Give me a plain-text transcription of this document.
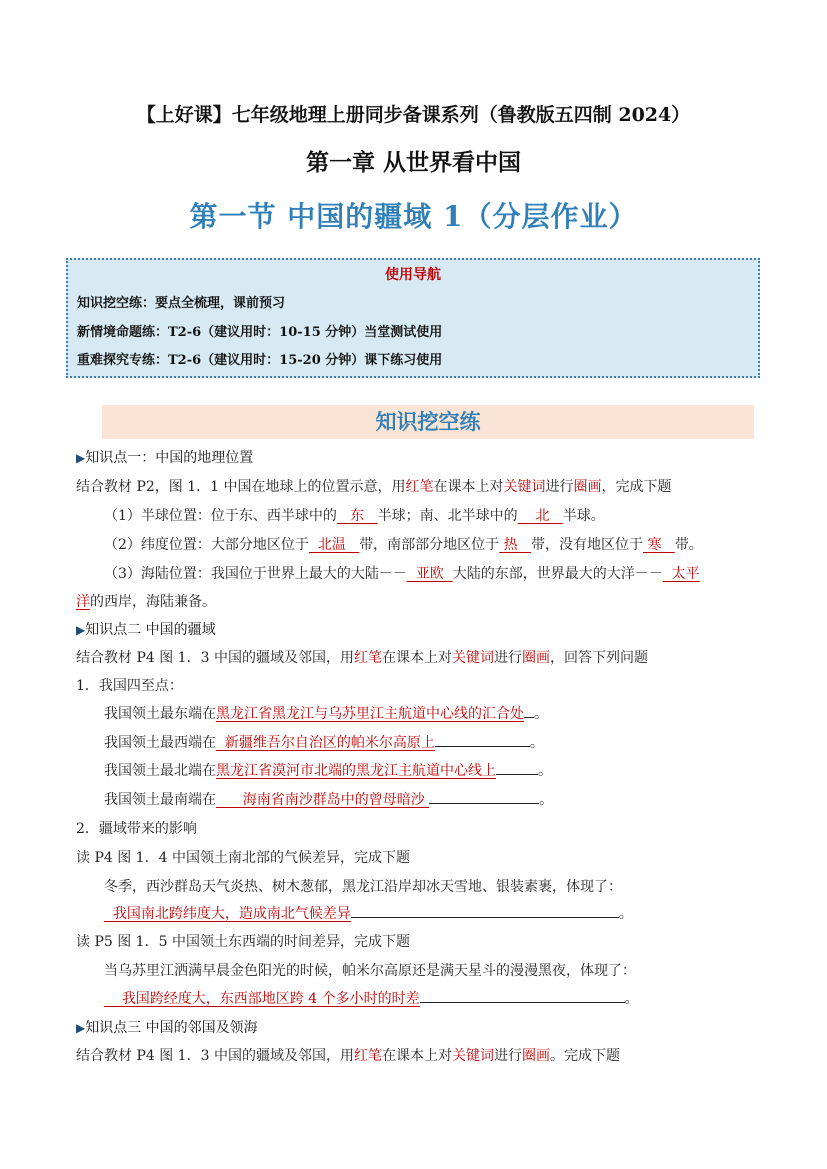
【上好课】七年级地理上册同步备课系列（鲁教版五四制 2024）
第一章 从世界看中国
第一节 中国的疆域 1（分层作业）
使用导航
知识挖空练：要点全梳理，课前预习
新情境命题练：T2-6（建议用时：10-15 分钟）当堂测试使用
重难探究专练：T2-6（建议用时：15-20 分钟）课下练习使用
知识挖空练
▶知识点一：中国的地理位置
结合教材 P2，图 1．1 中国在地球上的位置示意，用红笔在课本上对关键词进行圈画，完成下题
（1）半球位置：位于东、西半球中的 东 半球；南、北半球中的 北 半球。
（2）纬度位置：大部分地区位于 北温 带，南部部分地区位于 热 带，没有地区位于 寒 带。
（3）海陆位置：我国位于世界上最大的大陆－－ 亚欧 大陆的东部，世界最大的大洋－－ 太平
洋的西岸，海陆兼备。
▶知识点二 中国的疆域
结合教材 P4 图 1．3 中国的疆域及邻国，用红笔在课本上对关键词进行圈画，回答下列问题
1．我国四至点：
我国领土最东端在黑龙江省黑龙江与乌苏里江主航道中心线的汇合处 。
我国领土最西端在 新疆维吾尔自治区的帕米尔高原上	。
我国领土最北端在黑龙江省漠河市北端的黑龙江主航道中心线上	。
我国领土最南端在 海南省南沙群岛中的曾母暗沙	。
2．疆域带来的影响
读 P4 图 1．4 中国领土南北部的气候差异，完成下题
冬季，西沙群岛天气炎热、树木葱郁，黑龙江沿岸却冰天雪地、银装素裹，体现了：
我国南北跨纬度大，造成南北气候差异	。
读 P5 图 1．5 中国领土东西端的时间差异，完成下题
当乌苏里江洒满早晨金色阳光的时候，帕米尔高原还是满天星斗的漫漫黑夜，体现了：
我国跨经度大，东西部地区跨 4 个多小时的时差	。
▶知识点三 中国的邻国及领海
结合教材 P4 图 1．3 中国的疆域及邻国，用红笔在课本上对关键词进行圈画。完成下题
